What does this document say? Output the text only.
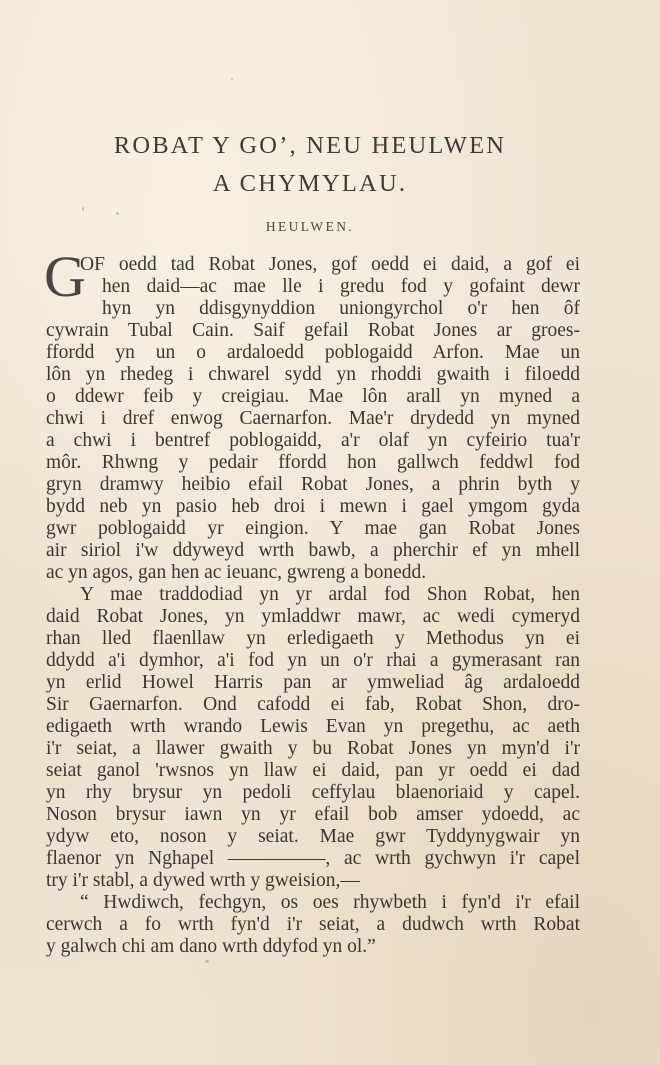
ROBAT Y GO’, NEU HEULWEN
A CHYMYLAU.
HEULWEN.
G
OF oedd tad Robat Jones, gof oedd ei daid, a gof ei
hen daid—ac mae lle i gredu fod y gofaint dewr
hyn yn ddisgynyddion uniongyrchol o'r hen ôf
cywrain Tubal Cain. Saif gefail Robat Jones ar groes-
ffordd yn un o ardaloedd poblogaidd Arfon. Mae un
lôn yn rhedeg i chwarel sydd yn rhoddi gwaith i filoedd
o ddewr feib y creigiau. Mae lôn arall yn myned a
chwi i dref enwog Caernarfon. Mae'r drydedd yn myned
a chwi i bentref poblogaidd, a'r olaf yn cyfeirio tua'r
môr. Rhwng y pedair ffordd hon gallwch feddwl fod
gryn dramwy heibio efail Robat Jones, a phrin byth y
bydd neb yn pasio heb droi i mewn i gael ymgom gyda
gwr poblogaidd yr eingion. Y mae gan Robat Jones
air siriol i'w ddyweyd wrth bawb, a pherchir ef yn mhell
ac yn agos, gan hen ac ieuanc, gwreng a bonedd.
Y mae traddodiad yn yr ardal fod Shon Robat, hen
daid Robat Jones, yn ymladdwr mawr, ac wedi cymeryd
rhan lled flaenllaw yn erledigaeth y Methodus yn ei
ddydd a'i dymhor, a'i fod yn un o'r rhai a gymerasant ran
yn erlid Howel Harris pan ar ymweliad âg ardaloedd
Sir Gaernarfon. Ond cafodd ei fab, Robat Shon, dro-
edigaeth wrth wrando Lewis Evan yn pregethu, ac aeth
i'r seiat, a llawer gwaith y bu Robat Jones yn myn'd i'r
seiat ganol 'rwsnos yn llaw ei daid, pan yr oedd ei dad
yn rhy brysur yn pedoli ceffylau blaenoriaid y capel.
Noson brysur iawn yn yr efail bob amser ydoedd, ac
ydyw eto, noson y seiat. Mae gwr Tyddynygwair yn
flaenor yn Nghapel —————, ac wrth gychwyn i'r capel
try i'r stabl, a dywed wrth y gweision,—
“ Hwdiwch, fechgyn, os oes rhywbeth i fyn'd i'r efail
cerwch a fo wrth fyn'd i'r seiat, a dudwch wrth Robat
y galwch chi am dano wrth ddyfod yn ol.”
